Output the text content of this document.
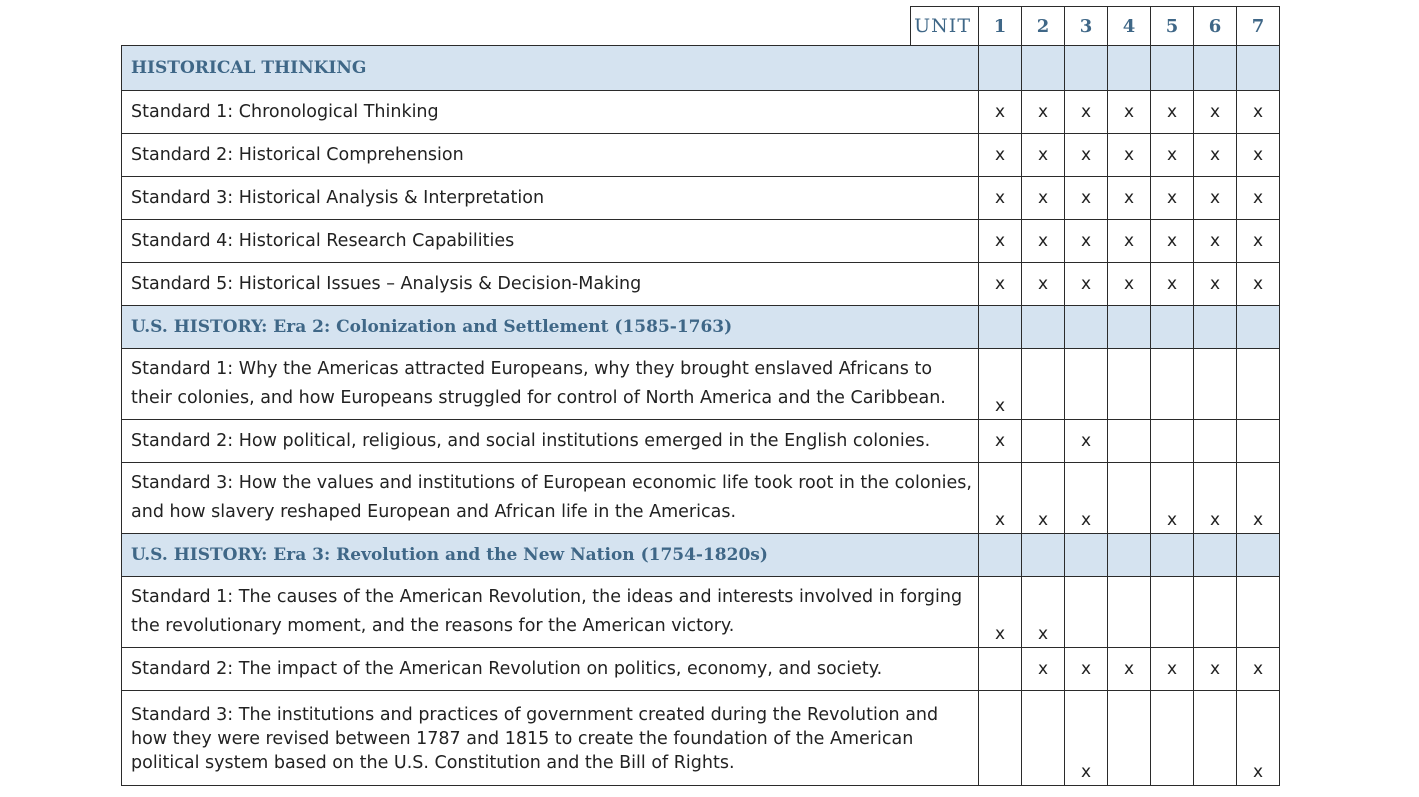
	UNIT	1	2	3	4	5	6	7
HISTORICAL THINKING								
Standard 1: Chronological Thinking		x	x	x	x	x	x	x
Standard 2: Historical Comprehension		x	x	x	x	x	x	x
Standard 3: Historical Analysis & Interpretation		x	x	x	x	x	x	x
Standard 4: Historical Research Capabilities		x	x	x	x	x	x	x
Standard 5: Historical Issues – Analysis & Decision-Making		x	x	x	x	x	x	x
U.S. HISTORY: Era 2: Colonization and Settlement (1585-1763)								
Standard 1: Why the Americas attracted Europeans, why they brought enslaved Africans to their colonies, and how Europeans struggled for control of North America and the Caribbean.		x						
Standard 2: How political, religious, and social institutions emerged in the English colonies.		x		x				
Standard 3: How the values and institutions of European economic life took root in the colonies, and how slavery reshaped European and African life in the Americas.		x	x	x		x	x	x
U.S. HISTORY: Era 3: Revolution and the New Nation (1754-1820s)								
Standard 1: The causes of the American Revolution, the ideas and interests involved in forging the revolutionary moment, and the reasons for the American victory.		x	x					
Standard 2: The impact of the American Revolution on politics, economy, and society.			x	x	x	x	x	x
Standard 3: The institutions and practices of government created during the Revolution and how they were revised between 1787 and 1815 to create the foundation of the American political system based on the U.S. Constitution and the Bill of Rights.				x				x
